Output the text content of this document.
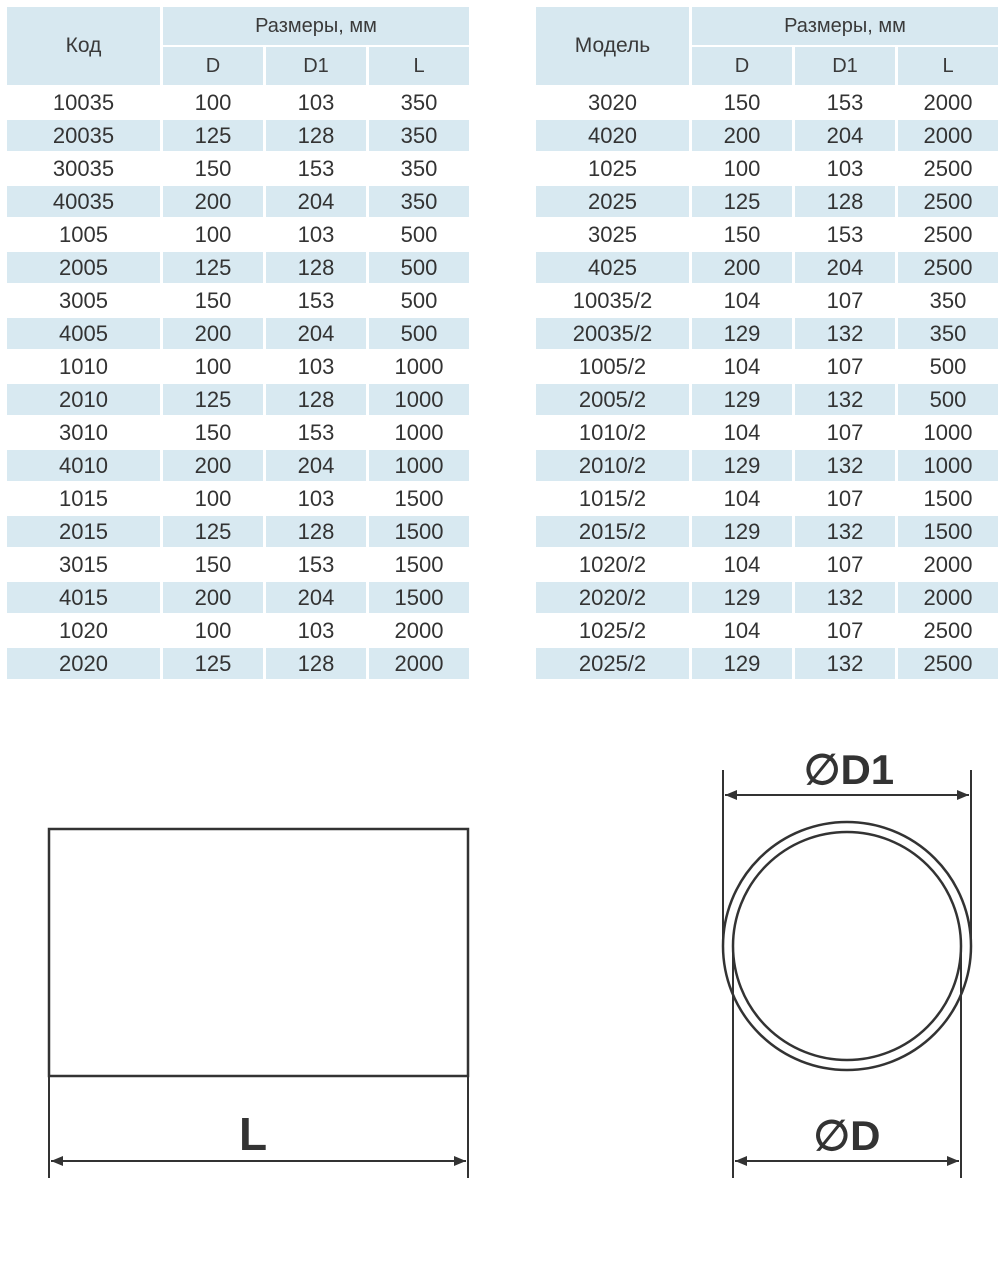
Код	Размеры, мм		
	D	D1	L
10035	100	103	350
20035	125	128	350
30035	150	153	350
40035	200	204	350
1005	100	103	500
2005	125	128	500
3005	150	153	500
4005	200	204	500
1010	100	103	1000
2010	125	128	1000
3010	150	153	1000
4010	200	204	1000
1015	100	103	1500
2015	125	128	1500
3015	150	153	1500
4015	200	204	1500
1020	100	103	2000
2020	125	128	2000
Модель	Размеры, мм		
	D	D1	L
3020	150	153	2000
4020	200	204	2000
1025	100	103	2500
2025	125	128	2500
3025	150	153	2500
4025	200	204	2500
10035/2	104	107	350
20035/2	129	132	350
1005/2	104	107	500
2005/2	129	132	500
1010/2	104	107	1000
2010/2	129	132	1000
1015/2	104	107	1500
2015/2	129	132	1500
1020/2	104	107	2000
2020/2	129	132	2000
1025/2	104	107	2500
2025/2	129	132	2500
L
∅D1
∅D
